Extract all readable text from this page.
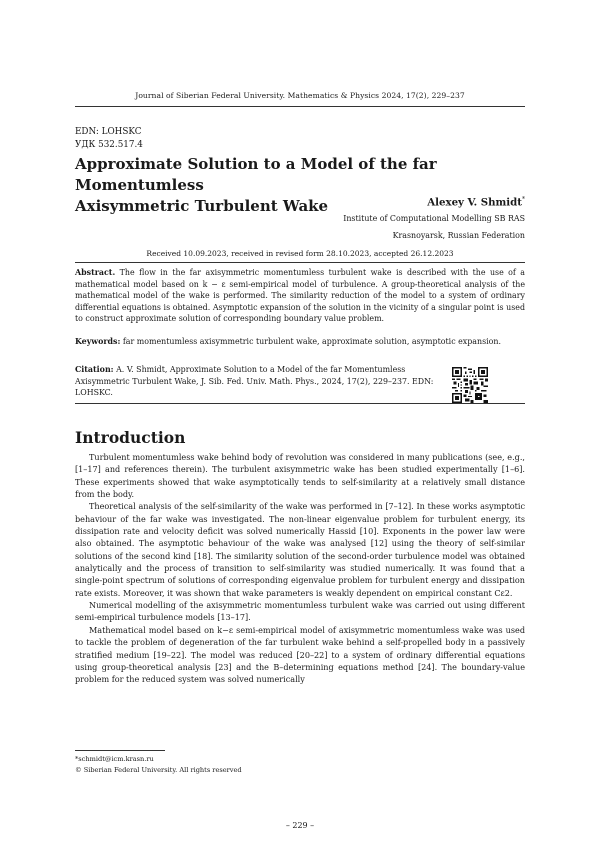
Journal of Siberian Federal University. Mathematics & Physics 2024, 17(2), 229–237
EDN: LOHSKC
УДК 532.517.4
Approximate Solution to a Model of the far Momentumless
Axisymmetric Turbulent Wake	Alexey V. Shmidt*
Institute of Computational Modelling SB RAS
Krasnoyarsk, Russian Federation
Received 10.09.2023, received in revised form 28.10.2023, accepted 26.12.2023
Abstract. The flow in the far axisymmetric momentumless turbulent wake is described with the use of a mathematical model based on k − ε semi-empirical model of turbulence. A group-theoretical analysis of the mathematical model of the wake is performed. The similarity reduction of the model to a system of ordinary differential equations is obtained. Asymptotic expansion of the solution in the vicinity of a singular point is used to construct approximate solution of corresponding boundary value problem.
Keywords: far momentumless axisymmetric turbulent wake, approximate solution, asymptotic expansion.
Citation: A. V. Shmidt, Approximate Solution to a Model of the far Momentumless Axisymmetric Turbulent Wake, J. Sib. Fed. Univ. Math. Phys., 2024, 17(2), 229–237. EDN: LOHSKC.
Introduction

Turbulent momentumless wake behind body of revolution was considered in many publications (see, e.g., [1–17] and references therein). The turbulent axisymmetric wake has been studied experimentally [1–6]. These experiments showed that wake asymptotically tends to self-similarity at a relatively small distance from the body.

Theoretical analysis of the self-similarity of the wake was performed in [7–12]. In these works asymptotic behaviour of the far wake was investigated. The non-linear eigenvalue problem for turbulent energy, its dissipation rate and velocity deficit was solved numerically Hassid [10]. Exponents in the power law were also obtained. The asymptotic behaviour of the wake was analysed [12] using the theory of self-similar solutions of the second kind [18]. The similarity solution of the second-order turbulence model was obtained analytically and the process of transition to self-similarity was studied numerically. It was found that a single-point spectrum of solutions of corresponding eigenvalue problem for turbulent energy and dissipation rate exists. Moreover, it was shown that wake parameters is weakly dependent on empirical constant Cε2.

Numerical modelling of the axisymmetric momentumless turbulent wake was carried out using different semi-empirical turbulence models [13–17].

Mathematical model based on k−ε semi-empirical model of axisymmetric momentumless wake was used to tackle the problem of degeneration of the far turbulent wake behind a self-propelled body in a passively stratified medium [19–22]. The model was reduced [20–22] to a system of ordinary differential equations using group-theoretical analysis [23] and the B–determining equations method [24]. The boundary-value problem for the reduced system was solved numerically

*schmidt@icm.krasn.ru
© Siberian Federal University. All rights reserved
– 229 –
